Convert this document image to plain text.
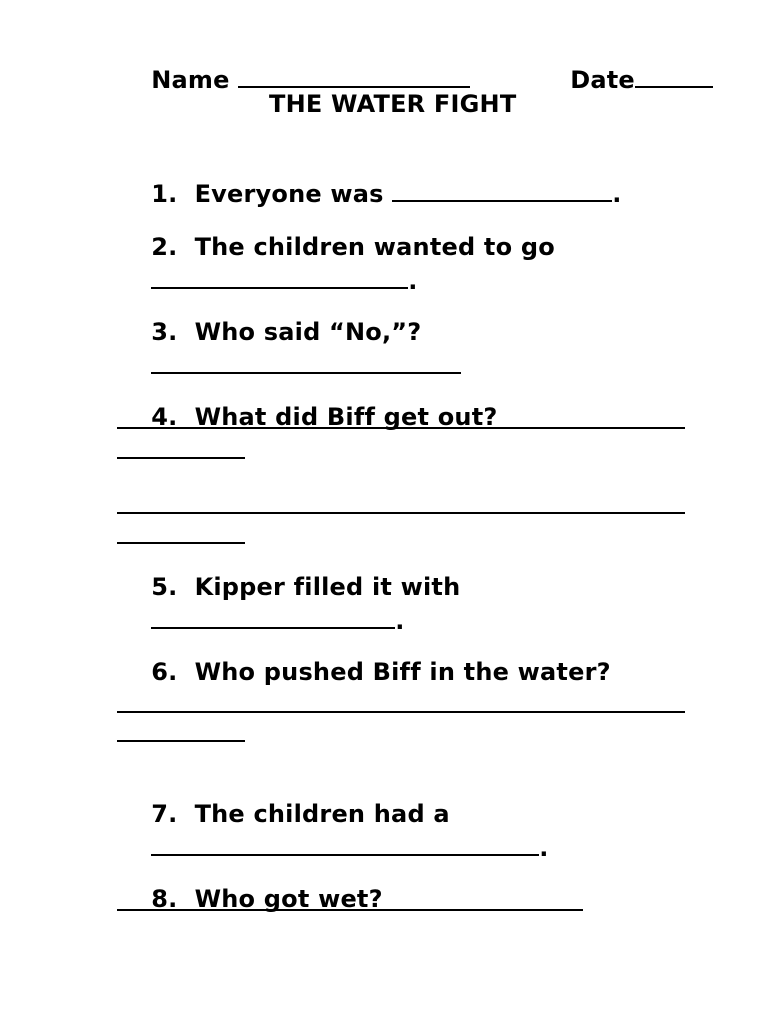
Name
	Date

THE WATER FIGHT

1. Everyone was	.

2. The children wanted to go

.

3. Who said “No,”?

4. What did Biff get out?

5. Kipper filled it with

.

6. Who pushed Biff in the water?

7. The children had a

.

8. Who got wet?
